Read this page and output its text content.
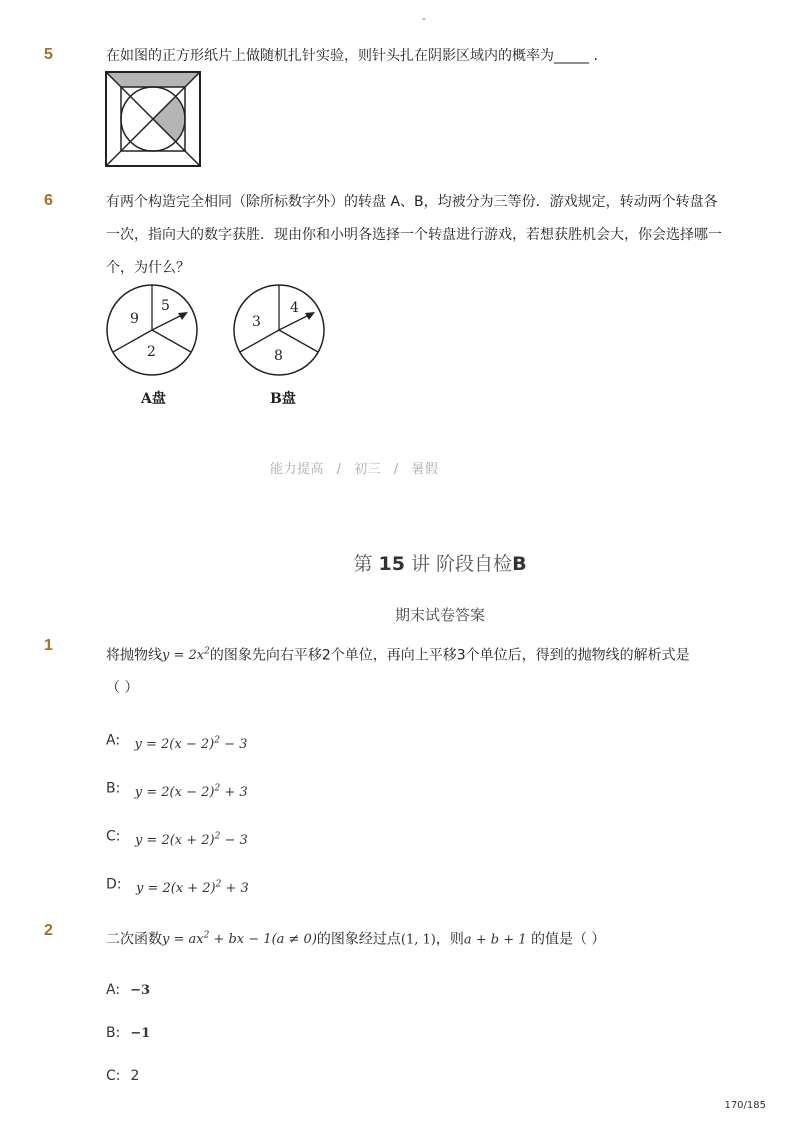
-
5	在如图的正方形纸片上做随机扎针实验，则针头扎在阴影区域内的概率为_____ .
6	有两个构造完全相同（除所标数字外）的转盘 A、B，均被分为三等份．游戏规定，转动两个转盘各一次，指向大的数字获胜．现由你和小明各选择一个转盘进行游戏，若想获胜机会大，你会选择哪一个，为什么？
9
5
2
3
4
8
A盘	B盘
能力提高 / 初三 / 暑假
第 15 讲 阶段自检B
期末试卷答案
1
将抛物线$y = 2x^2$的图象先向右平移2个单位，再向上平移3个单位后，得到的抛物线的解析式是
（ ）
A: $y = 2(x - 2)^2 - 3$
B: $y = 2(x - 2)^2 + 3$
C: $y = 2(x + 2)^2 - 3$
D: $y = 2(x + 2)^2 + 3$
2
二次函数$y = ax^2$ + bx − 1(a ≠ 0)的图象经过点(1, 1)，则a + b + 1 的值是（ ）
A: −3
B: −1
C: 2
170/185
